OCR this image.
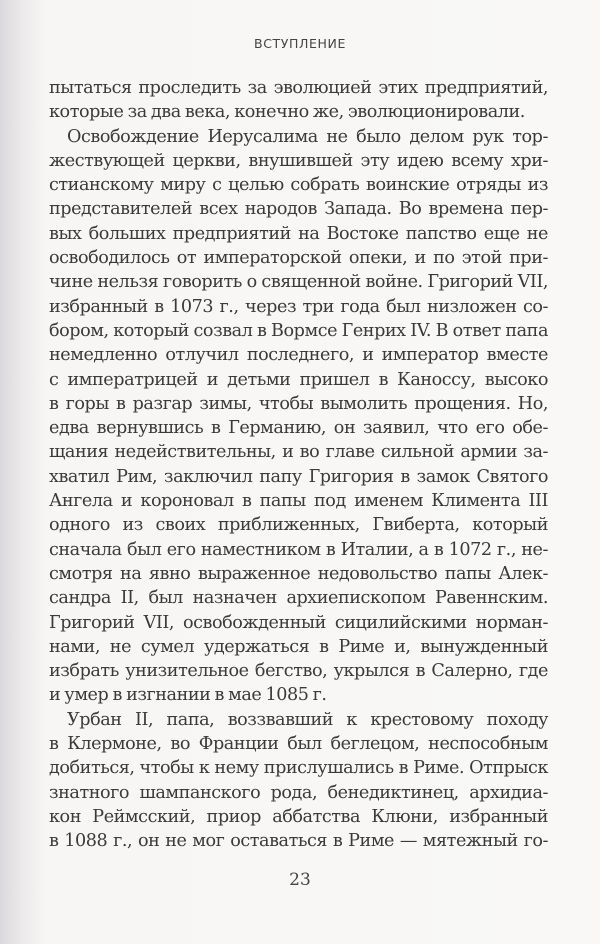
ВСТУПЛЕНИЕ
пытаться проследить за эволюцией этих предприятий,
которые за два века, конечно же, эволюционировали.
Освобождение Иерусалима не было делом рук тор-
жествующей церкви, внушившей эту идею всему хри-
стианскому миру с целью собрать воинские отряды из
представителей всех народов Запада. Во времена пер-
вых больших предприятий на Востоке папство еще не
освободилось от императорской опеки, и по этой при-
чине нельзя говорить о священной войне. Григорий VII,
избранный в 1073 г., через три года был низложен со-
бором, который созвал в Вормсе Генрих IV. В ответ папа
немедленно отлучил последнего, и император вместе
с императрицей и детьми пришел в Каноссу, высоко
в горы в разгар зимы, чтобы вымолить прощения. Но,
едва вернувшись в Германию, он заявил, что его обе-
щания недействительны, и во главе сильной армии за-
хватил Рим, заключил папу Григория в замок Святого
Ангела и короновал в папы под именем Климента III
одного из своих приближенных, Гвиберта, который
сначала был его наместником в Италии, а в 1072 г., не-
смотря на явно выраженное недовольство папы Алек-
сандра II, был назначен архиепископом Равеннским.
Григорий VII, освобожденный сицилийскими норман-
нами, не сумел удержаться в Риме и, вынужденный
избрать унизительное бегство, укрылся в Салерно, где
и умер в изгнании в мае 1085 г.
Урбан II, папа, воззвавший к крестовому походу
в Клермоне, во Франции был беглецом, неспособным
добиться, чтобы к нему прислушались в Риме. Отпрыск
знатного шампанского рода, бенедиктинец, архидиа-
кон Реймсский, приор аббатства Клюни, избранный
в 1088 г., он не мог оставаться в Риме — мятежный го-
23
